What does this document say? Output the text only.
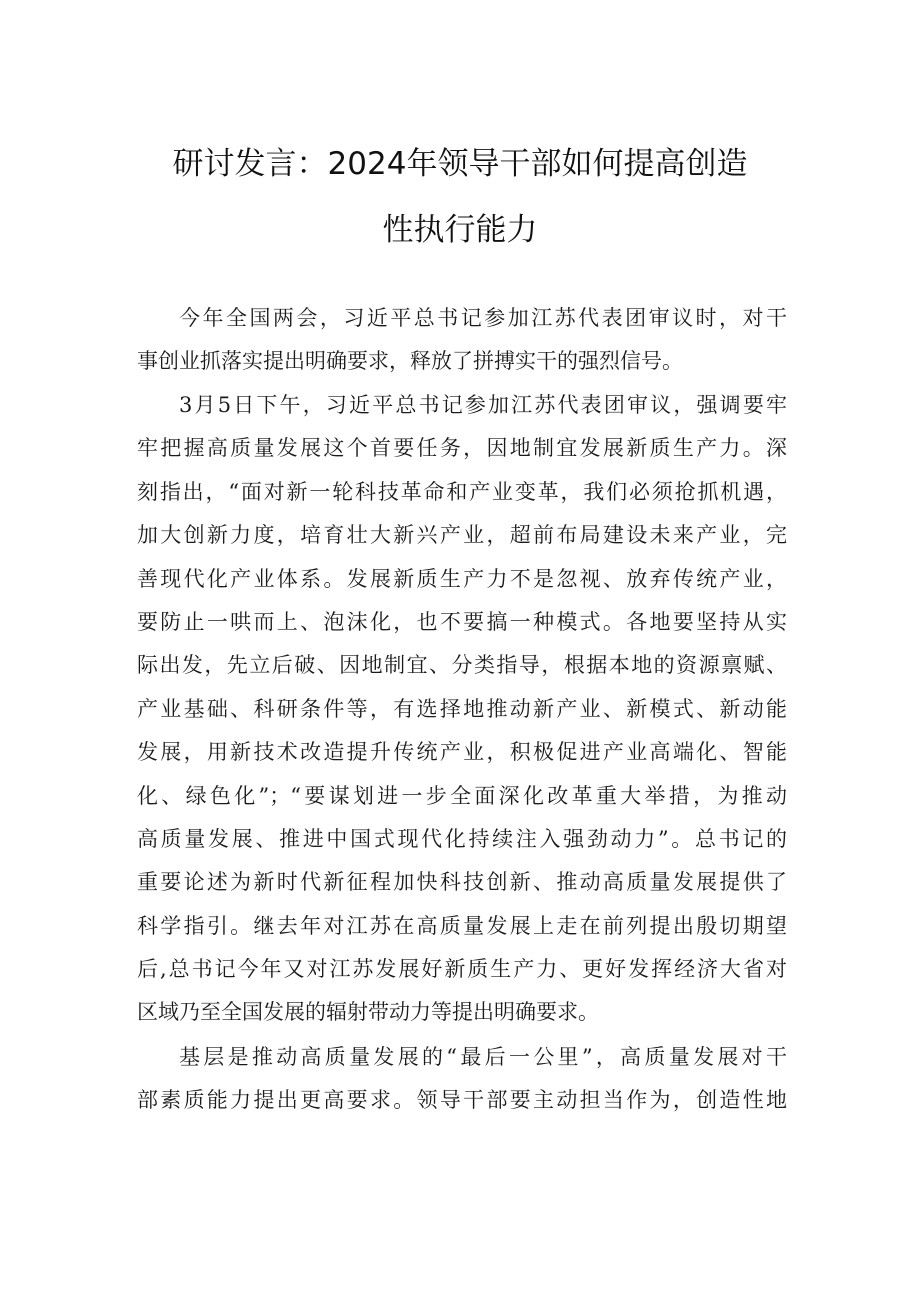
研讨发言：2024年领导干部如何提高创造
性执行能力
今年全国两会，习近平总书记参加江苏代表团审议时，对干
事创业抓落实提出明确要求，释放了拼搏实干的强烈信号。
3月5日下午，习近平总书记参加江苏代表团审议，强调要牢
牢把握高质量发展这个首要任务，因地制宜发展新质生产力。深
刻指出，“面对新一轮科技革命和产业变革，我们必须抢抓机遇，
加大创新力度，培育壮大新兴产业，超前布局建设未来产业，完
善现代化产业体系。发展新质生产力不是忽视、放弃传统产业，
要防止一哄而上、泡沫化，也不要搞一种模式。各地要坚持从实
际出发，先立后破、因地制宜、分类指导，根据本地的资源禀赋、
产业基础、科研条件等，有选择地推动新产业、新模式、新动能
发展，用新技术改造提升传统产业，积极促进产业高端化、智能
化、绿色化”；“要谋划进一步全面深化改革重大举措，为推动
高质量发展、推进中国式现代化持续注入强劲动力”。总书记的
重要论述为新时代新征程加快科技创新、推动高质量发展提供了
科学指引。继去年对江苏在高质量发展上走在前列提出殷切期望
后,总书记今年又对江苏发展好新质生产力、更好发挥经济大省对
区域乃至全国发展的辐射带动力等提出明确要求。
基层是推动高质量发展的“最后一公里”，高质量发展对干
部素质能力提出更高要求。领导干部要主动担当作为，创造性地
